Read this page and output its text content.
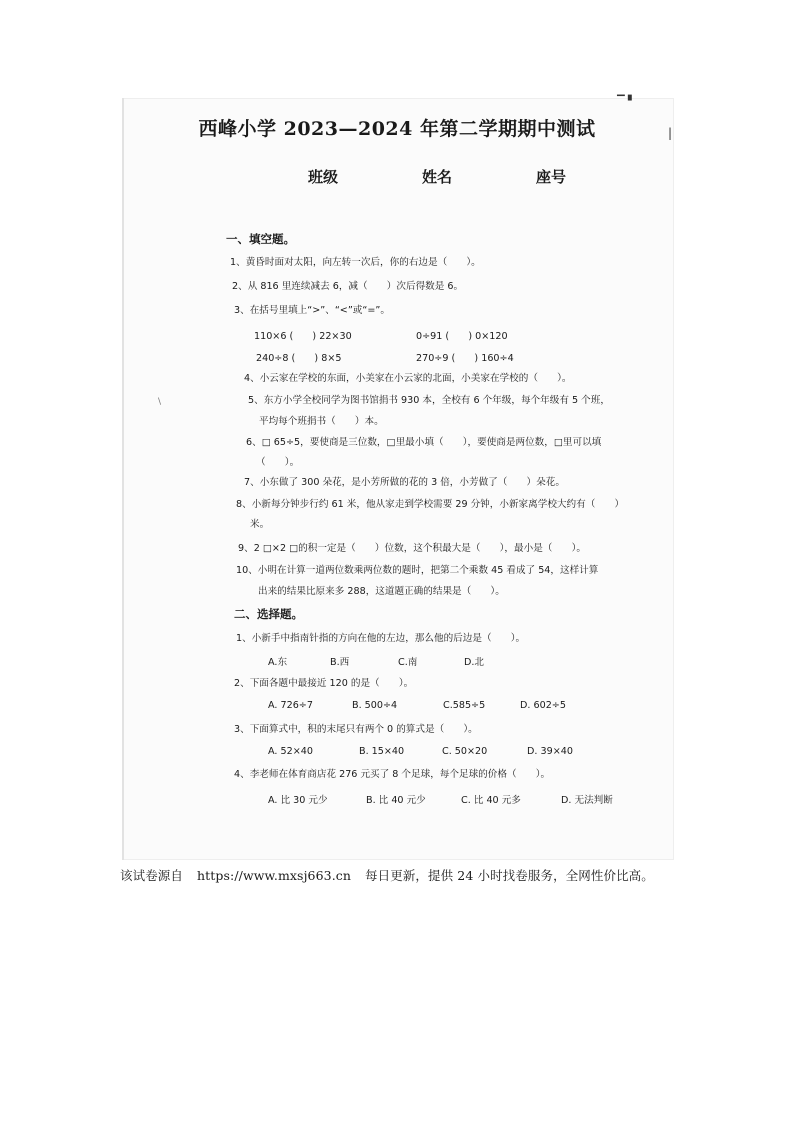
▔ ▘
|
\
西峰小学 2023—2024 年第二学期期中测试
班级	姓名	座号
一、填空题。
1、黄昏时面对太阳，向左转一次后，你的右边是（　　）。
2、从 816 里连续减去 6，减（　　）次后得数是 6。
3、在括号里填上“>”、“<”或“=”。
110×6 (　　) 22×30	0÷91 (　　) 0×120
240÷8 (　　) 8×5	270÷9 (　　) 160÷4
4、小云家在学校的东面，小美家在小云家的北面，小美家在学校的（　　）。
5、东方小学全校同学为图书馆捐书 930 本，全校有 6 个年级，每个年级有 5 个班，
平均每个班捐书（　　）本。
6、□ 65÷5，要使商是三位数，□里最小填（　　），要使商是两位数，□里可以填
（　　）。
7、小东做了 300 朵花，是小芳所做的花的 3 倍，小芳做了（　　）朵花。
8、小新每分钟步行约 61 米，他从家走到学校需要 29 分钟，小新家离学校大约有（　　）
米。
9、2 □×2 □的积一定是（　　）位数，这个积最大是（　　），最小是（　　）。
10、小明在计算一道两位数乘两位数的题时，把第二个乘数 45 看成了 54，这样计算
出来的结果比原来多 288，这道题正确的结果是（　　）。
二、选择题。
1、小新手中指南针指的方向在他的左边，那么他的后边是（　　）。
A.东	B.西	C.南	D.北
2、下面各题中最接近 120 的是（　　）。
A. 726÷7	B. 500÷4	C.585÷5	D. 602÷5
3、下面算式中，积的末尾只有两个 0 的算式是（　　）。
A. 52×40	B. 15×40	C. 50×20	D. 39×40
4、李老师在体育商店花 276 元买了 8 个足球，每个足球的价格（　　）。
A. 比 30 元少	B. 比 40 元少	C. 比 40 元多	D. 无法判断
该试卷源自 https://www.mxsj663.cn 每日更新，提供 24 小时找卷服务，全网性价比高。
